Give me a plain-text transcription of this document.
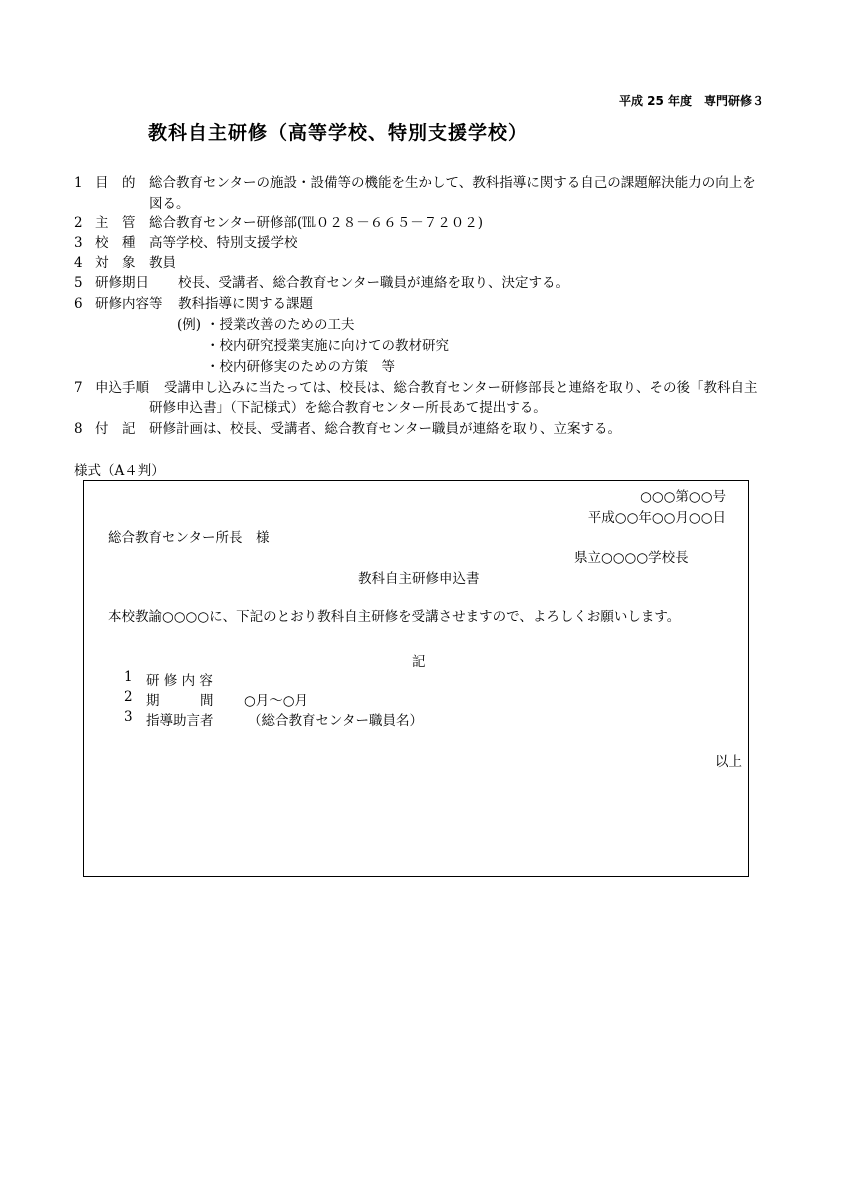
平成 25 年度　専門研修３
教科自主研修（高等学校、特別支援学校）
1 目　的 総合教育センターの施設・設備等の機能を生かして、教科指導に関する自己の課題解決能力の向上を
図る。
2 主　管 総合教育センター研修部(℡０２８－６６５－７２０２)
3 校　種 高等学校、特別支援学校
4 対　象 教員
5 研修期日 校長、受講者、総合教育センター職員が連絡を取り、決定する。
6 研修内容等 教科指導に関する課題
(例) ・授業改善のための工夫
・校内研究授業実施に向けての教材研究
・校内研修実のための方策　等
7 申込手順 受講申し込みに当たっては、校長は、総合教育センター研修部長と連絡を取り、その後「教科自主
研修申込書」（下記様式）を総合教育センター所長あて提出する。
8 付　記 研修計画は、校長、受講者、総合教育センター職員が連絡を取り、立案する。
様式（A４判）
○○○第○○号
平成○○年○○月○○日
総合教育センター所長　様
県立○○○○学校長
教科自主研修申込書
本校教諭○○○○に、下記のとおり教科自主研修を受講させますので、よろしくお願いします。
記
1 研 修 内 容
2 期　　　間 ○月～○月
3 指導助言者	（総合教育センター職員名）
以上
